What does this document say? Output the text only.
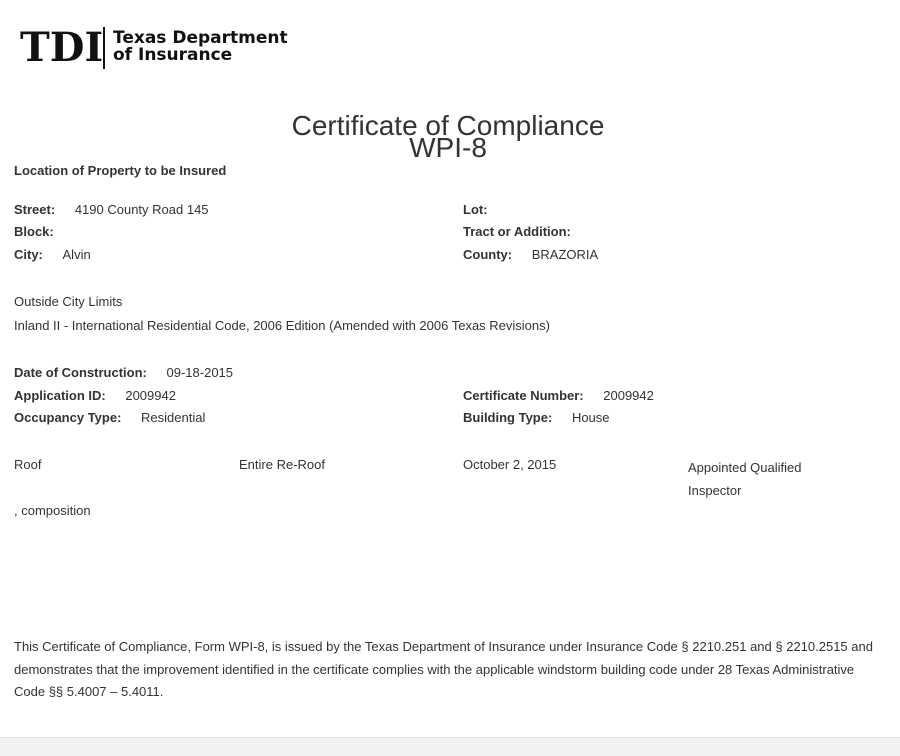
TDI Texas Department
of Insurance
Certificate of Compliance
WPI-8
Location of Property to be Insured
Street: 4190 County Road 145
Block:
City: Alvin
Lot:
Tract or Addition:
County: BRAZORIA
Outside City Limits
Inland II - International Residential Code, 2006 Edition (Amended with 2006 Texas Revisions)
Date of Construction: 09-18-2015
Application ID: 2009942
Occupancy Type: Residential
Certificate Number: 2009942
Building Type: House
Roof	Entire Re-Roof	October 2, 2015	Appointed Qualified
Inspector
, composition
This Certificate of Compliance, Form WPI-8, is issued by the Texas Department of Insurance under Insurance Code § 2210.251 and § 2210.2515 and demonstrates that the improvement identified in the certificate complies with the applicable windstorm building code under 28 Texas Administrative Code §§ 5.4007 – 5.4011.
